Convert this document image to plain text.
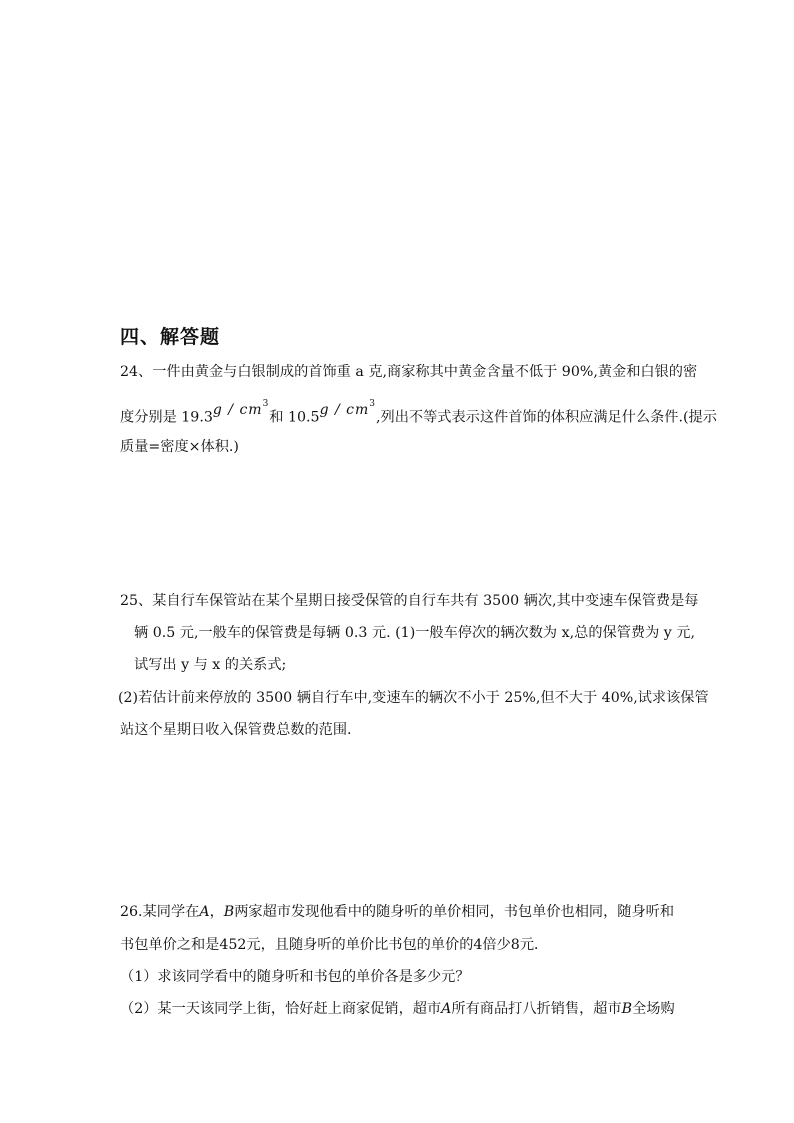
四、解答题
24、一件由黄金与白银制成的首饰重 a 克,商家称其中黄金含量不低于 90%,黄金和白银的密
度分别是 $19.3g / cm^3$和 $10.5g / cm^3$,列出不等式表示这件首饰的体积应满足什么条件.(提示
质量=密度×体积.)
25、某自行车保管站在某个星期日接受保管的自行车共有 3500 辆次,其中变速车保管费是每
辆 0.5 元,一般车的保管费是每辆 0.3 元. (1)一般车停次的辆次数为 x,总的保管费为 y 元,
试写出 y 与 x 的关系式;
(2)若估计前来停放的 3500 辆自行车中,变速车的辆次不小于 25%,但不大于 40%,试求该保管
站这个星期日收入保管费总数的范围.
26.某同学在A，B两家超市发现他看中的随身听的单价相同，书包单价也相同，随身听和
书包单价之和是452元，且随身听的单价比书包的单价的4倍少8元．
（1）求该同学看中的随身听和书包的单价各是多少元？
（2）某一天该同学上街，恰好赶上商家促销，超市A所有商品打八折销售，超市B全场购
